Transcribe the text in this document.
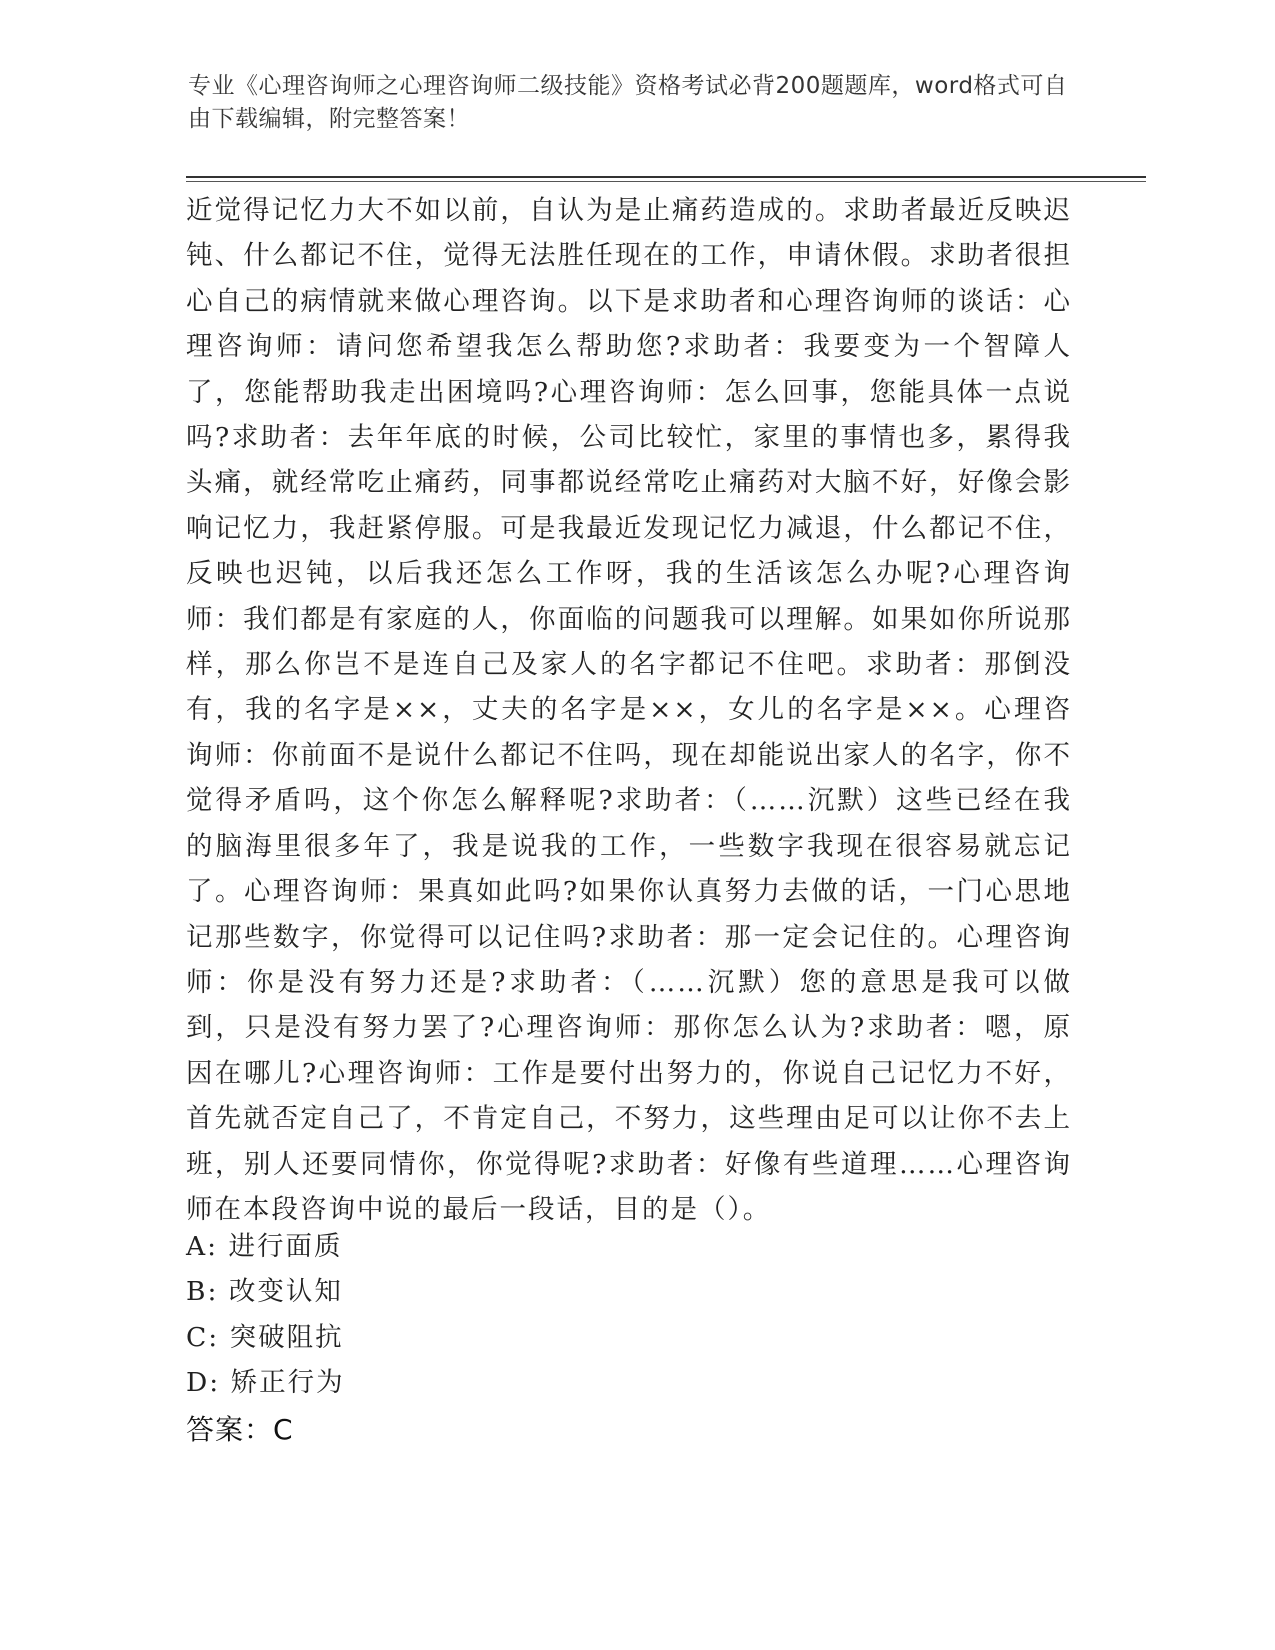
专业《心理咨询师之心理咨询师二级技能》资格考试必背200题题库，word格式可自由下载编辑，附完整答案！
近觉得记忆力大不如以前，自认为是止痛药造成的。求助者最近反映迟钝、什么都记不住，觉得无法胜任现在的工作，申请休假。求助者很担心自己的病情就来做心理咨询。以下是求助者和心理咨询师的谈话：心理咨询师：请问您希望我怎么帮助您?求助者：我要变为一个智障人了，您能帮助我走出困境吗?心理咨询师：怎么回事，您能具体一点说吗?求助者：去年年底的时候，公司比较忙，家里的事情也多，累得我头痛，就经常吃止痛药，同事都说经常吃止痛药对大脑不好，好像会影响记忆力，我赶紧停服。可是我最近发现记忆力减退，什么都记不住，反映也迟钝，以后我还怎么工作呀，我的生活该怎么办呢?心理咨询师：我们都是有家庭的人，你面临的问题我可以理解。如果如你所说那样，那么你岂不是连自己及家人的名字都记不住吧。求助者：那倒没有，我的名字是××，丈夫的名字是××，女儿的名字是××。心理咨询师：你前面不是说什么都记不住吗，现在却能说出家人的名字，你不觉得矛盾吗，这个你怎么解释呢?求助者：（……沉默）这些已经在我的脑海里很多年了，我是说我的工作，一些数字我现在很容易就忘记了。心理咨询师：果真如此吗?如果你认真努力去做的话，一门心思地记那些数字，你觉得可以记住吗?求助者：那一定会记住的。心理咨询师：你是没有努力还是?求助者：（……沉默）您的意思是我可以做到，只是没有努力罢了?心理咨询师：那你怎么认为?求助者：嗯，原因在哪儿?心理咨询师：工作是要付出努力的，你说自己记忆力不好，首先就否定自己了，不肯定自己，不努力，这些理由足可以让你不去上班，别人还要同情你，你觉得呢?求助者：好像有些道理……心理咨询师在本段咨询中说的最后一段话，目的是（）。
A: 进行面质
B: 改变认知
C: 突破阻抗
D: 矫正行为
答案：C
